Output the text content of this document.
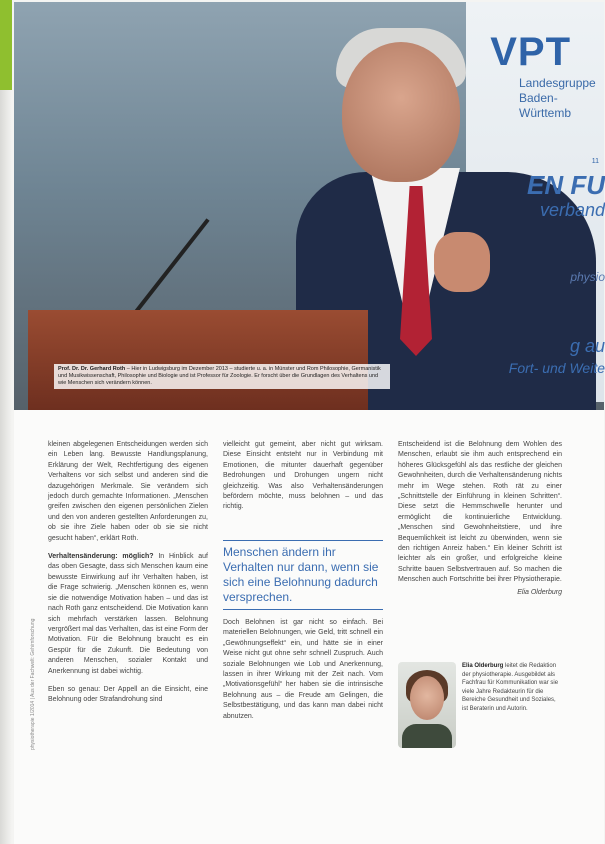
VPT
Landesgruppe
Baden-Württemb
11
EN FU
verband
physio
g au
Fort- und Weite
Prof. Dr. Dr. Gerhard Roth – Hier in Ludwigsburg im Dezember 2013 – studierte u. a. in Münster und Rom Philosophie, Germanistik und Musikwissenschaft, Philosophie und Biologie und ist Professor für Zoologie. Er forscht über die Grundlagen des Verhaltens und wie Menschen sich verändern können.
physiotherapie 1/2014 | Aus der Fachwelt: Gehirnforschung

kleinen abgelegenen Entscheidungen werden sich ein Leben lang. Bewusste Handlungsplanung, Erklärung der Welt, Rechtfertigung des eigenen Verhaltens vor sich selbst und anderen sind die dazugehörigen Merkmale. Sie verändern sich jedoch durch gemachte Informationen. „Menschen greifen zwischen den eigenen persönlichen Zielen und den von anderen gestellten Anforderungen zu, ob sie ihre Ziele haben oder ob sie sie nicht gesucht haben“, erklärt Roth.

Verhaltensänderung: möglich? In Hinblick auf das oben Gesagte, dass sich Menschen kaum eine bewusste Einwirkung auf ihr Verhalten haben, ist die Frage schwierig. „Menschen können es, wenn sie die notwendige Motivation haben – und das ist nach Roth ganz entscheidend. Die Motivation kann sich mehrfach verstärken lassen. Belohnung vergrößert mal das Verhalten, das ist eine Form der Motivation. Für die Belohnung braucht es ein Gespür für die Zukunft. Die Bedeutung von anderen Menschen, sozialer Kontakt und Anerkennung ist dabei wichtig.

Eben so genau: Der Appell an die Einsicht, eine Belohnung oder Strafandrohung sind

vielleicht gut gemeint, aber nicht gut wirksam. Diese Einsicht entsteht nur in Verbindung mit Emotionen, die mitunter dauerhaft gegenüber Bedrohungen und Drohungen ungern nicht gleichzeitig. Was also Verhaltensänderungen befördern möchte, muss belohnen – und das richtig.

Menschen ändern ihr Verhalten nur dann, wenn sie sich eine Belohnung dadurch versprechen.

Doch Belohnen ist gar nicht so einfach. Bei materiellen Belohnungen, wie Geld, tritt schnell ein „Gewöhnungseffekt“ ein, und hätte sie in einer Weise nicht gut ohne sehr schnell Zuspruch. Auch soziale Belohnungen wie Lob und Anerkennung, lassen in ihrer Wirkung mit der Zeit nach. Vom „Motivationsgefühl“ her haben sie die intrinsische Belohnung aus – die Freude am Gelingen, die Selbstbestätigung, und das kann man dabei nicht abnutzen.

Entscheidend ist die Belohnung dem Wohlen des Menschen, erlaubt sie ihm auch entsprechend ein höheres Glücksgefühl als das restliche der gleichen Gewohnheiten, durch die Verhaltensänderung nichts mehr im Wege stehen. Roth rät zu einer „Schnittstelle der Einführung in kleinen Schritten“. Diese setzt die Hemmschwelle herunter und ermöglicht die kontinuierliche Entwicklung. „Menschen sind Gewohnheitstiere, und ihre Bequemlichkeit ist leicht zu überwinden, wenn sie den richtigen Anreiz haben.“ Ein kleiner Schritt ist leichter als ein großer, und erfolgreiche kleine Schritte bauen Selbstvertrauen auf. So machen die Menschen auch Fortschritte bei ihrer Physiotherapie.

Elia Olderburg

Elia Olderburg leitet die Redaktion der physiotherapie. Ausgebildet als Fachfrau für Kommunikation war sie viele Jahre Redakteurin für die Bereiche Gesundheit und Soziales, ist Beraterin und Autorin.
